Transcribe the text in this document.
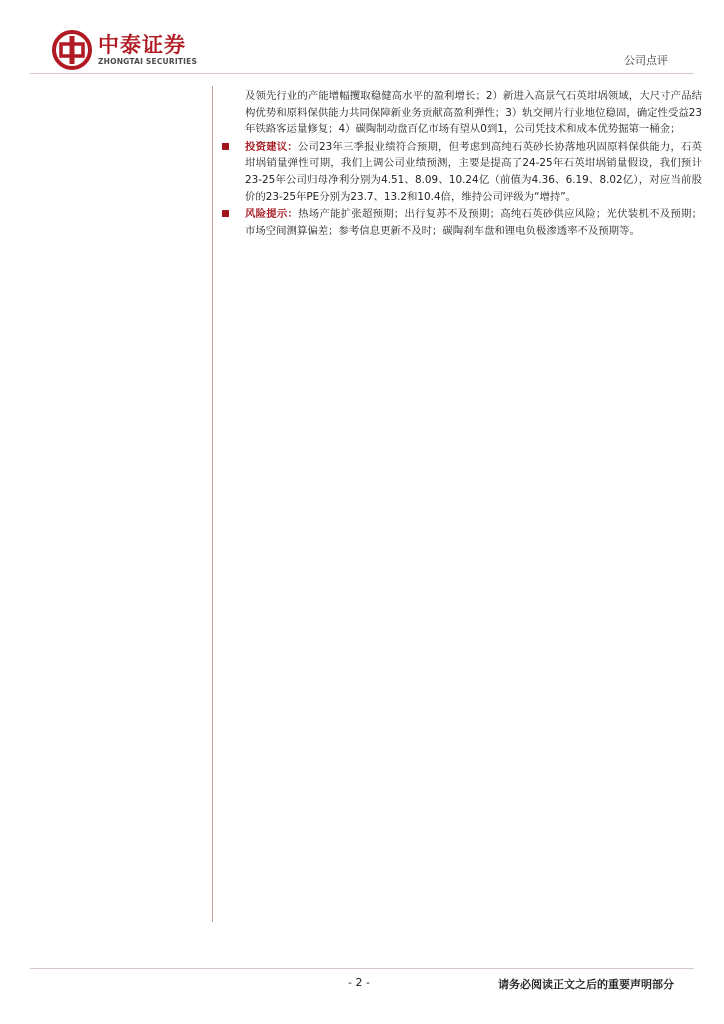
中泰证券
ZHONGTAI SECURITIES	公司点评

及领先行业的产能增幅攫取稳健高水平的盈利增长；2）新进入高景气石英坩埚领域，大尺寸产品结构优势和原料保供能力共同保障新业务贡献高盈利弹性；3）轨交闸片行业地位稳固，确定性受益23年铁路客运量修复；4）碳陶制动盘百亿市场有望从0到1，公司凭技术和成本优势掘第一桶金；

投资建议：公司23年三季报业绩符合预期，但考虑到高纯石英砂长协落地巩固原料保供能力，石英坩埚销量弹性可期，我们上调公司业绩预测，主要是提高了24-25年石英坩埚销量假设，我们预计23-25年公司归母净利分别为4.51、8.09、10.24亿（前值为4.36、6.19、8.02亿），对应当前股价的23-25年PE分别为23.7、13.2和10.4倍，维持公司评级为“增持”。
风险提示：热场产能扩张超预期；出行复苏不及预期；高纯石英砂供应风险；光伏装机不及预期；市场空间测算偏差；参考信息更新不及时；碳陶刹车盘和锂电负极渗透率不及预期等。
- 2 -	请务必阅读正文之后的重要声明部分
